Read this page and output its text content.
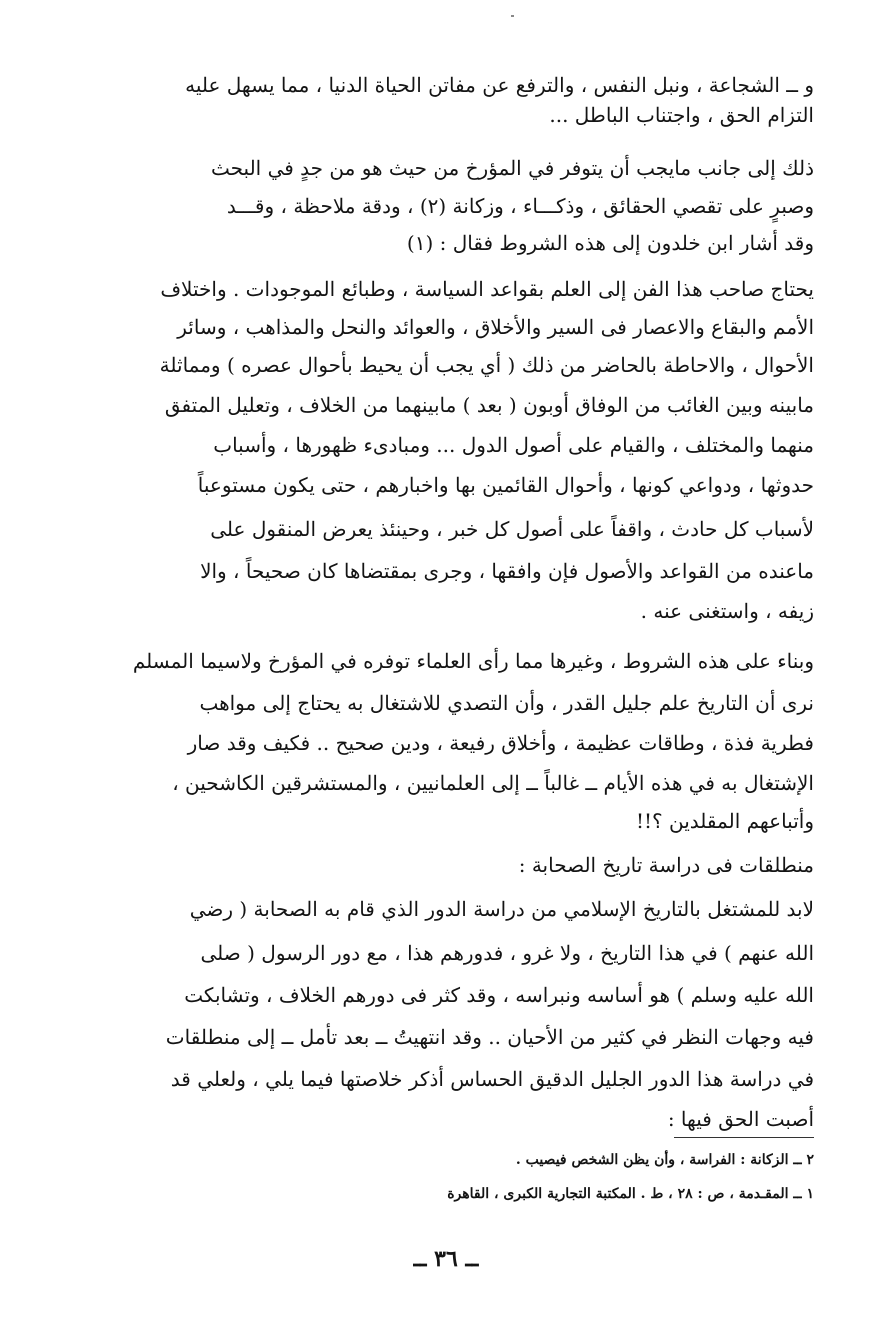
و ــ الشجاعة ، ونبل النفس ، والترفع عن مفاتن الحياة الدنيا ، مما يسهل عليه
التزام الحق ، واجتناب الباطل ...
ذلك إلى جانب مايجب أن يتوفر في المؤرخ من حيث هو من جدٍ في البحث
وصبرٍ على تقصي الحقائق ، وذكـــاء ، وزكانة (٢) ، ودقة ملاحظة ، وقـــد
وقد أشار ابن خلدون إلى هذه الشروط فقال : (١)
يحتاج صاحب هذا الفن إلى العلم بقواعد السياسة ، وطبائع الموجودات . واختلاف
الأمم والبقاع والاعصار فى السير والأخلاق ، والعوائد والنحل والمذاهب ، وسائر
الأحوال ، والاحاطة بالحاضر من ذلك ( أي يجب أن يحيط بأحوال عصره ) ومماثلة
مابينه وبين الغائب من الوفاق أوبون ( بعد ) مابينهما من الخلاف ، وتعليل المتفق
منهما والمختلف ، والقيام على أصول الدول ... ومبادىء ظهورها ، وأسباب
حدوثها ، ودواعي كونها ، وأحوال القائمين بها واخبارهم ، حتى يكون مستوعباً
لأسباب كل حادث ، واقفاً على أصول كل خبر ، وحينئذ يعرض المنقول على
ماعنده من القواعد والأصول فإن وافقها ، وجرى بمقتضاها كان صحيحاً ، والا
زيفه ، واستغنى عنه .
وبناء على هذه الشروط ، وغيرها مما رأى العلماء توفره في المؤرخ ولاسيما المسلم
نرى أن التاريخ علم جليل القدر ، وأن التصدي للاشتغال به يحتاج إلى مواهب
فطرية فذة ، وطاقات عظيمة ، وأخلاق رفيعة ، ودين صحيح .. فكيف وقد صار
الإشتغال به في هذه الأيام ــ غالباً ــ إلى العلمانيين ، والمستشرقين الكاشحين ،
وأتباعهم المقلدين ؟!!
منطلقات فى دراسة تاريخ الصحابة :
لابد للمشتغل بالتاريخ الإسلامي من دراسة الدور الذي قام به الصحابة ( رضي
الله عنهم ) في هذا التاريخ ، ولا غرو ، فدورهم هذا ، مع دور الرسول ( صلى
الله عليه وسلم ) هو أساسه ونبراسه ، وقد كثر فى دورهم الخلاف ، وتشابكت
فيه وجهات النظر في كثير من الأحيان .. وقد انتهيتُ ــ بعد تأمل ــ إلى منطلقات
في دراسة هذا الدور الجليل الدقيق الحساس أذكر خلاصتها فيما يلي ، ولعلي قد
أصبت الحق فيها :
٢ ــ الزكانة : الفراسة ، وأن يظن الشخص فيصيب .
١ ــ المقـدمة ، ص : ٢٨ ، ط . المكتبة التجارية الكبرى ، القاهرة
ــ ٣٦ ــ
